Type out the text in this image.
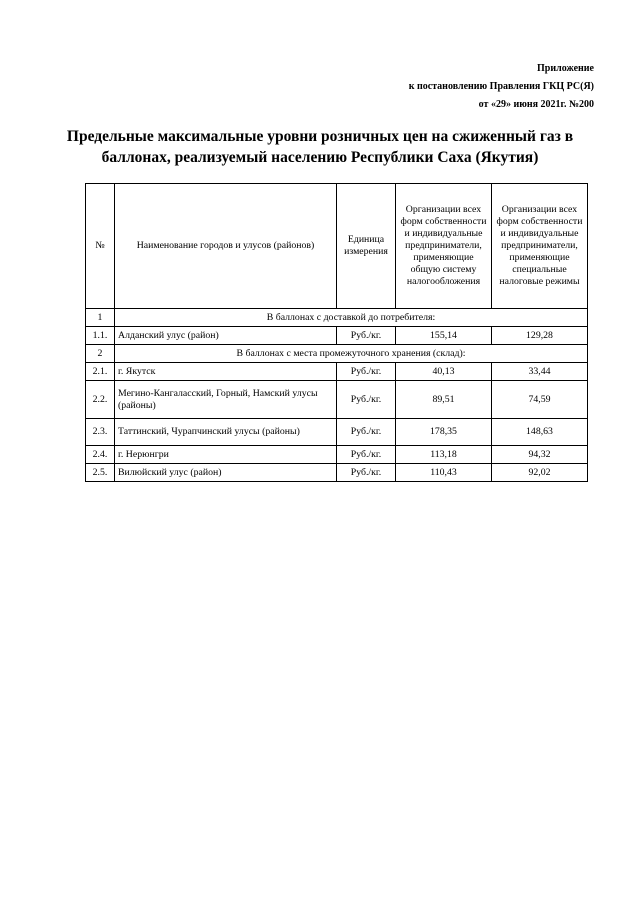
Приложение
к постановлению Правления ГКЦ РС(Я)
от «29» июня 2021г. №200
Предельные максимальные уровни розничных цен на сжиженный газ в баллонах, реализуемый населению Республики Саха (Якутия)
№	Наименование городов и улусов (районов)	Единица измерения	Организации всех форм собственности и индивидуальные предприниматели, применяющие общую систему налогообложения	Организации всех форм собственности и индивидуальные предприниматели, применяющие специальные налоговые режимы
1	В баллонах с доставкой до потребителя:			
1.1.	Алданский улус (район)	Руб./кг.	155,14	129,28
2	В баллонах с места промежуточного хранения (склад):			
2.1.	г. Якутск	Руб./кг.	40,13	33,44
2.2.	Мегино-Кангаласский, Горный, Намский улусы (районы)	Руб./кг.	89,51	74,59
2.3.	Таттинский, Чурапчинский улусы (районы)	Руб./кг.	178,35	148,63
2.4.	г. Нерюнгри	Руб./кг.	113,18	94,32
2.5.	Вилюйский улус (район)	Руб./кг.	110,43	92,02
